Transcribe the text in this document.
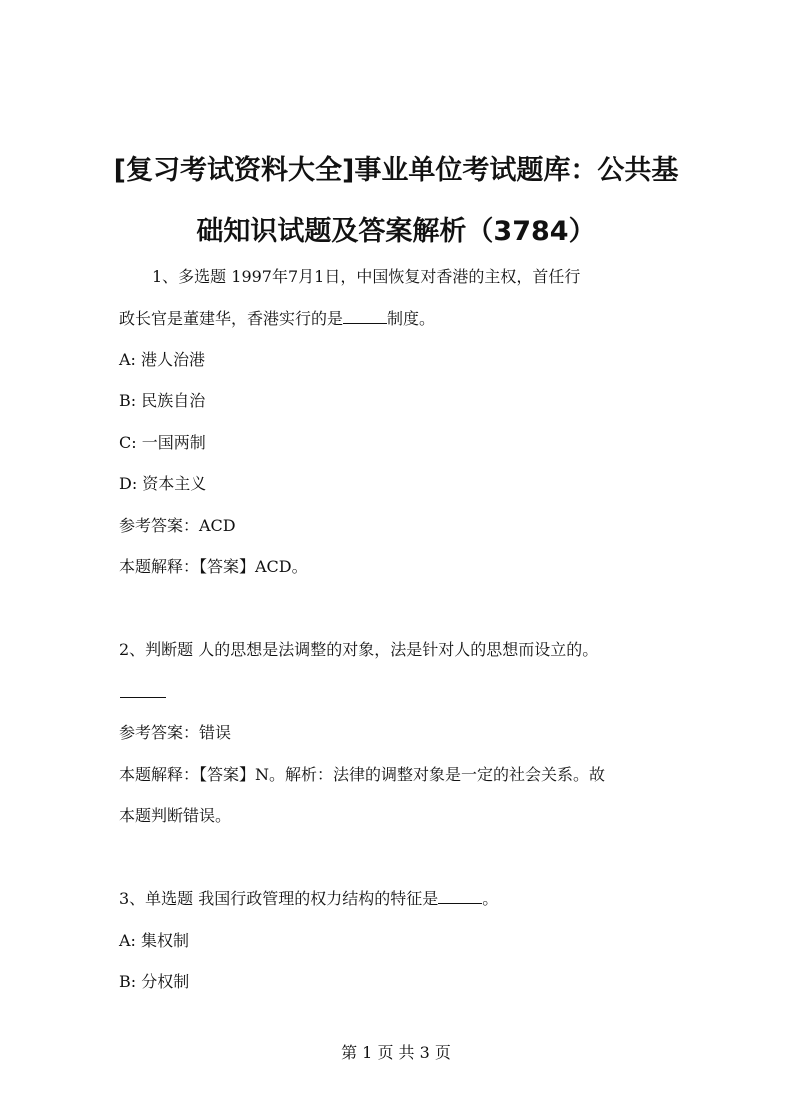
[复习考试资料大全]事业单位考试题库：公共基
础知识试题及答案解析（3784）
1、多选题 1997年7月1日，中国恢复对香港的主权，首任行
政长官是董建华，香港实行的是	制度。
A: 港人治港
B: 民族自治
C: 一国两制
D: 资本主义
参考答案：ACD
本题解释：【答案】ACD。
2、判断题 人的思想是法调整的对象，法是针对人的思想而设立的。
参考答案：错误
本题解释：【答案】N。解析：法律的调整对象是一定的社会关系。故
本题判断错误。
3、单选题 我国行政管理的权力结构的特征是	。
A: 集权制
B: 分权制
第 1 页 共 3 页
